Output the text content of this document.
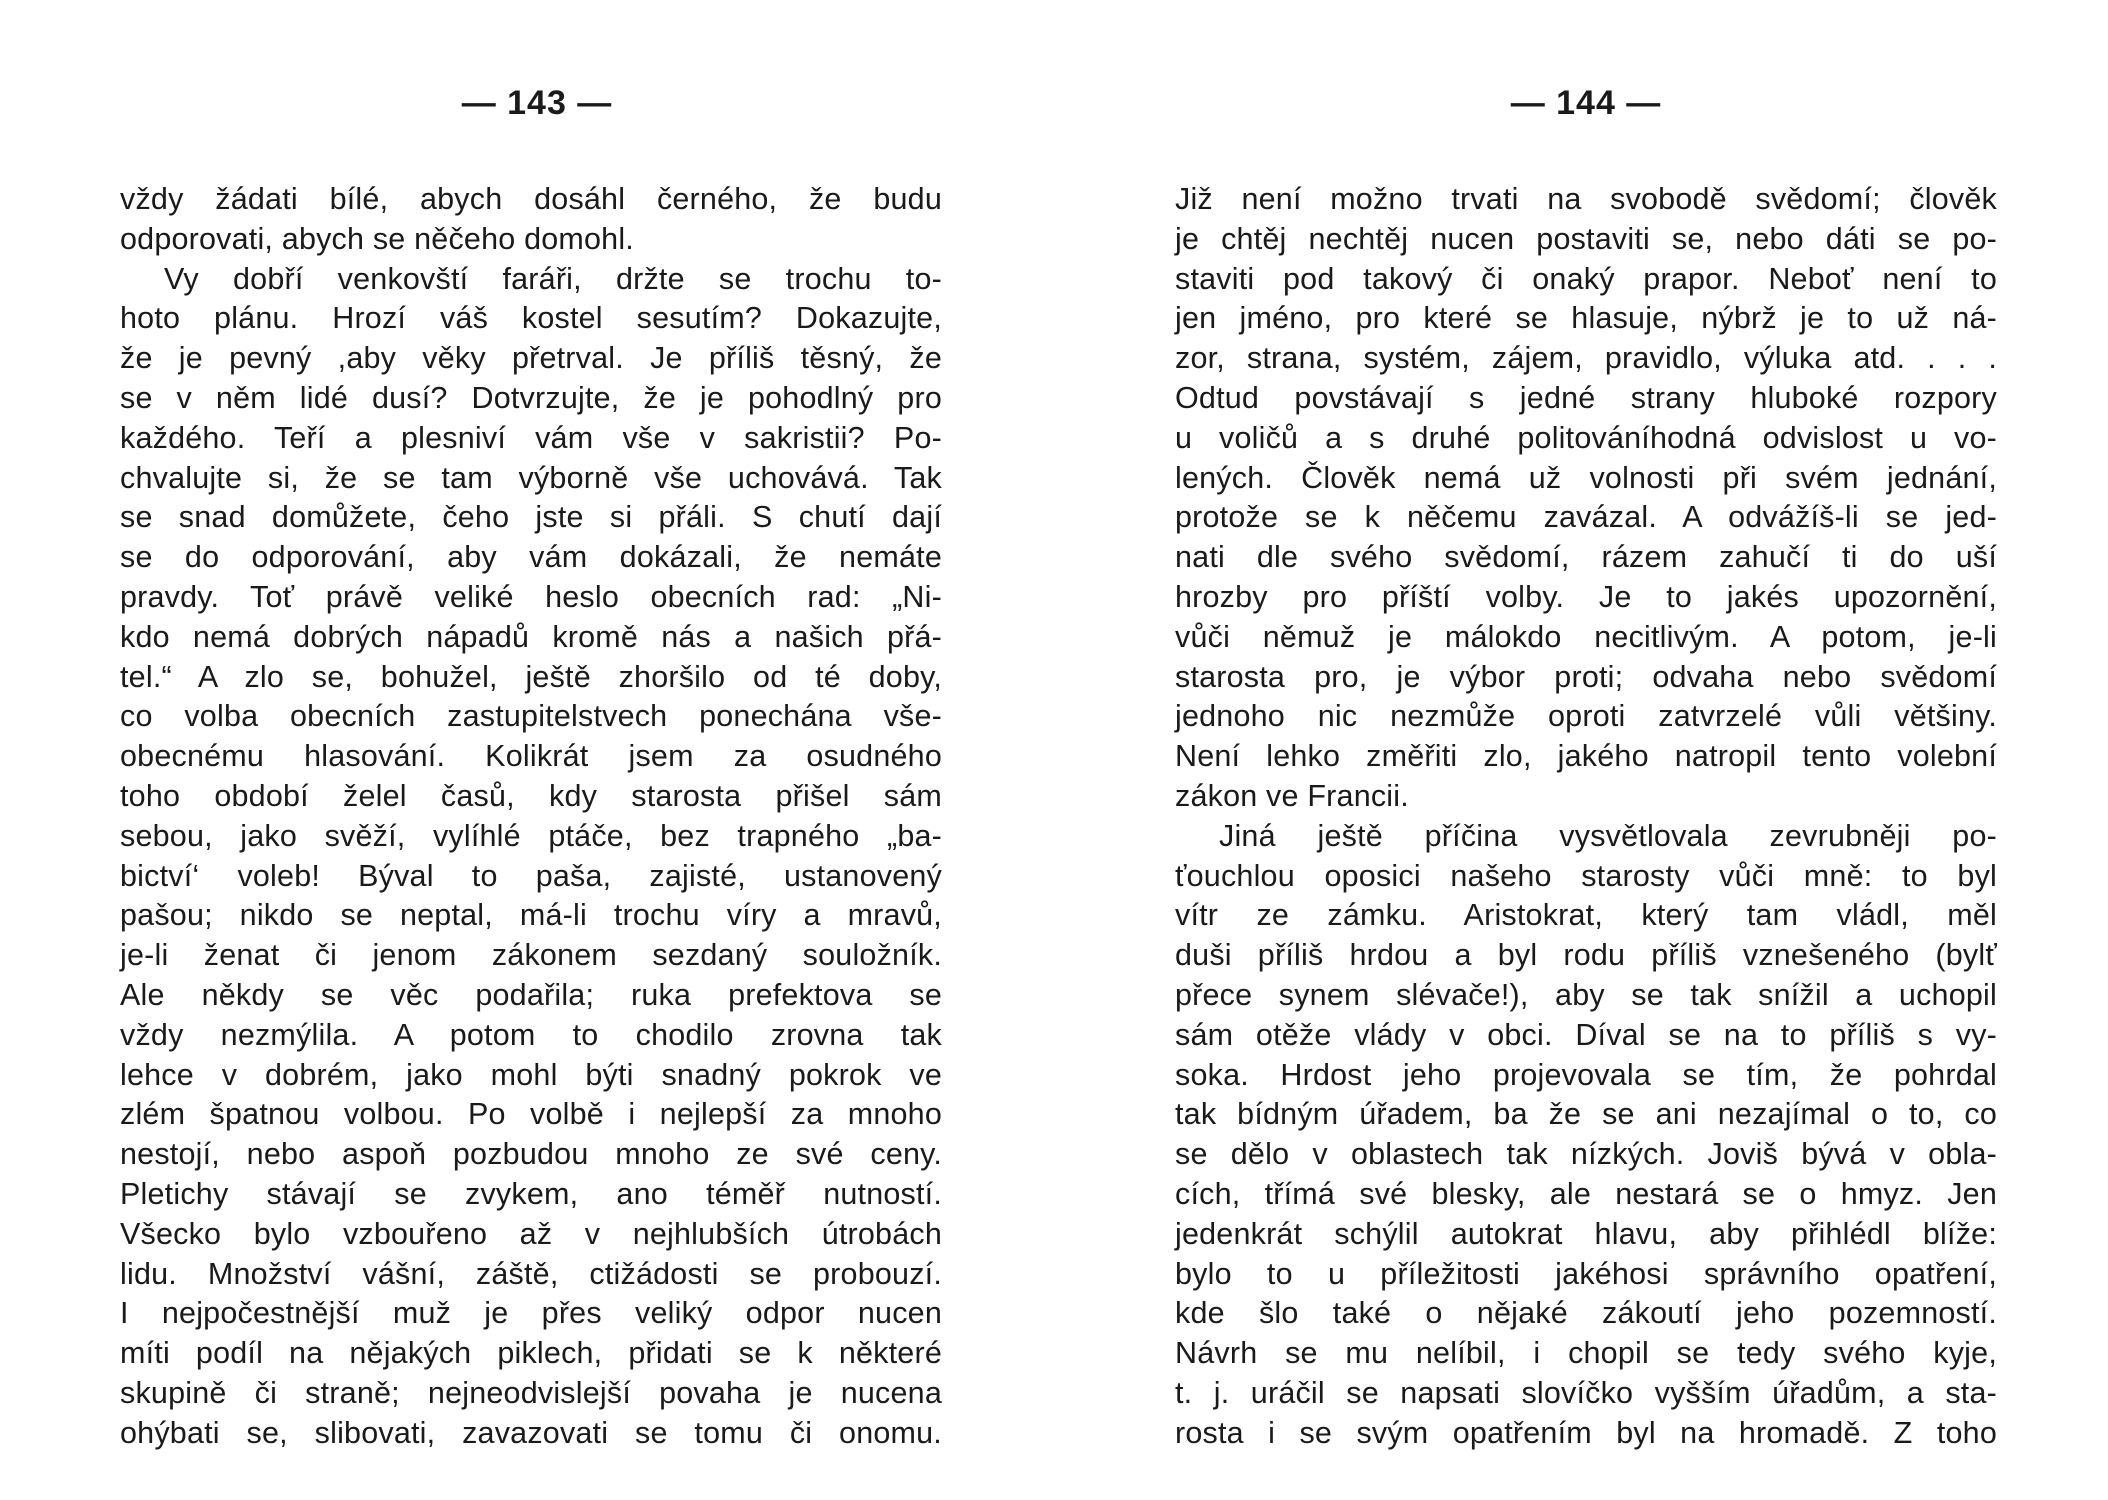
— 143 —
vždy žádati bílé, abych dosáhl černého, že budu
odporovati, abych se něčeho domohl.
Vy dobří venkovští faráři, držte se trochu to-
hoto plánu. Hrozí váš kostel sesutím? Dokazujte,
že je pevný ,aby věky přetrval. Je příliš těsný, že
se v něm lidé dusí? Dotvrzujte, že je pohodlný pro
každého. Teří a plesniví vám vše v sakristii? Po-
chvalujte si, že se tam výborně vše uchovává. Tak
se snad domůžete, čeho jste si přáli. S chutí dají
se do odporování, aby vám dokázali, že nemáte
pravdy. Toť právě veliké heslo obecních rad: „Ni-
kdo nemá dobrých nápadů kromě nás a našich přá-
tel.“ A zlo se, bohužel, ještě zhoršilo od té doby,
co volba obecních zastupitelstvech ponechána vše-
obecnému hlasování. Kolikrát jsem za osudného
toho období želel časů, kdy starosta přišel sám
sebou, jako svěží, vylíhlé ptáče, bez trapného „ba-
bictví‘ voleb! Býval to paša, zajisté, ustanovený
pašou; nikdo se neptal, má-li trochu víry a mravů,
je-li ženat či jenom zákonem sezdaný souložník.
Ale někdy se věc podařila; ruka prefektova se
vždy nezmýlila. A potom to chodilo zrovna tak
lehce v dobrém, jako mohl býti snadný pokrok ve
zlém špatnou volbou. Po volbě i nejlepší za mnoho
nestojí, nebo aspoň pozbudou mnoho ze své ceny.
Pletichy stávají se zvykem, ano téměř nutností.
Všecko bylo vzbouřeno až v nejhlubších útrobách
lidu. Množství vášní, záště, ctižádosti se probouzí.
I nejpočestnější muž je přes veliký odpor nucen
míti podíl na nějakých piklech, přidati se k některé
skupině či straně; nejneodvislejší povaha je nucena
ohýbati se, slibovati, zavazovati se tomu či onomu.
— 144 —
Již není možno trvati na svobodě svědomí; člověk
je chtěj nechtěj nucen postaviti se, nebo dáti se po-
staviti pod takový či onaký prapor. Neboť není to
jen jméno, pro které se hlasuje, nýbrž je to už ná-
zor, strana, systém, zájem, pravidlo, výluka atd. . . .
Odtud povstávají s jedné strany hluboké rozpory
u voličů a s druhé politováníhodná odvislost u vo-
lených. Člověk nemá už volnosti při svém jednání,
protože se k něčemu zavázal. A odvážíš-li se jed-
nati dle svého svědomí, rázem zahučí ti do uší
hrozby pro příští volby. Je to jakés upozornění,
vůči němuž je málokdo necitlivým. A potom, je-li
starosta pro, je výbor proti; odvaha nebo svědomí
jednoho nic nezmůže oproti zatvrzelé vůli většiny.
Není lehko změřiti zlo, jakého natropil tento volební
zákon ve Francii.
Jiná ještě příčina vysvětlovala zevrubněji po-
ťouchlou oposici našeho starosty vůči mně: to byl
vítr ze zámku. Aristokrat, který tam vládl, měl
duši příliš hrdou a byl rodu příliš vznešeného (bylť
přece synem slévače!), aby se tak snížil a uchopil
sám otěže vlády v obci. Díval se na to příliš s vy-
soka. Hrdost jeho projevovala se tím, že pohrdal
tak bídným úřadem, ba že se ani nezajímal o to, co
se dělo v oblastech tak nízkých. Joviš bývá v obla-
cích, třímá své blesky, ale nestará se o hmyz. Jen
jedenkrát schýlil autokrat hlavu, aby přihlédl blíže:
bylo to u příležitosti jakéhosi správního opatření,
kde šlo také o nějaké zákoutí jeho pozemností.
Návrh se mu nelíbil, i chopil se tedy svého kyje,
t. j. uráčil se napsati slovíčko vyšším úřadům, a sta-
rosta i se svým opatřením byl na hromadě. Z toho
